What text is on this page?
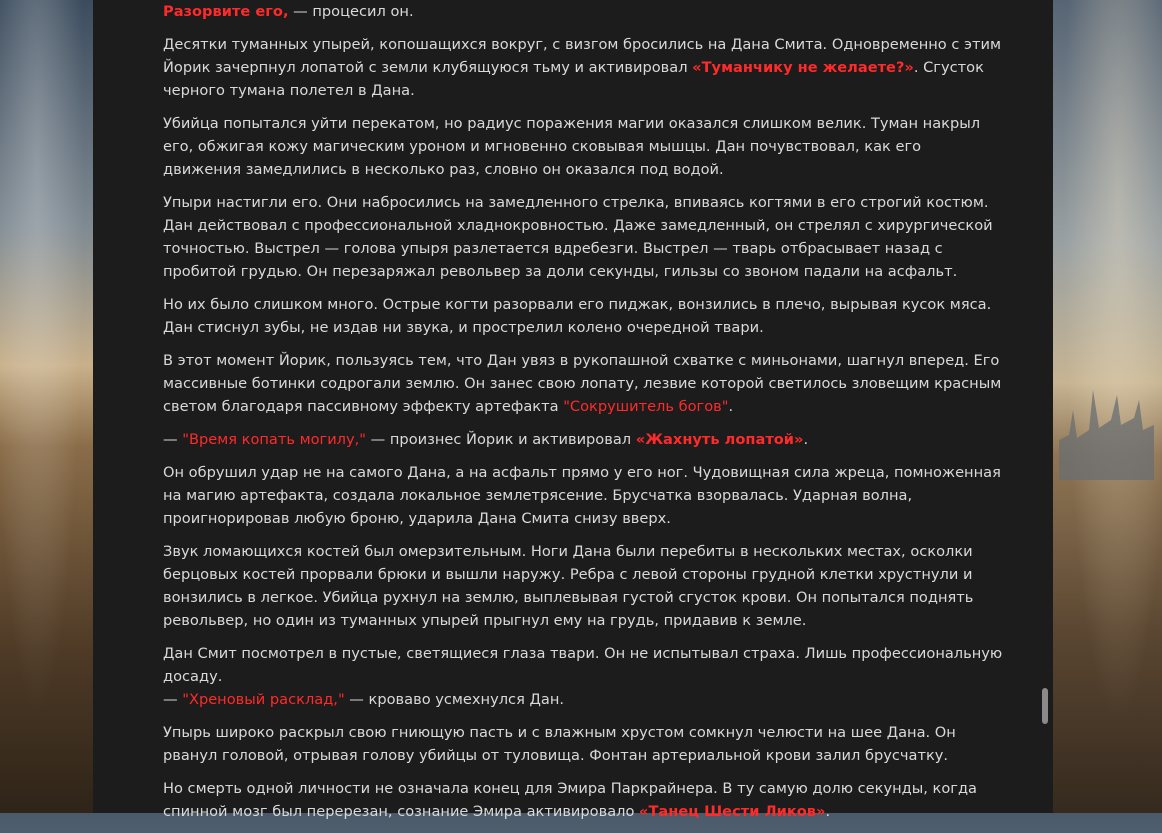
Разорвите его, — процесил он.

Десятки туманных упырей, копошащихся вокруг, с визгом бросились на Дана Смита. Одновременно с этим Йорик зачерпнул лопатой с земли клубящуюся тьму и активировал «Туманчику не желаете?». Сгусток черного тумана полетел в Дана.

Убийца попытался уйти перекатом, но радиус поражения магии оказался слишком велик. Туман накрыл его, обжигая кожу магическим уроном и мгновенно сковывая мышцы. Дан почувствовал, как его движения замедлились в несколько раз, словно он оказался под водой.

Упыри настигли его. Они набросились на замедленного стрелка, впиваясь когтями в его строгий костюм. Дан действовал с профессиональной хладнокровностью. Даже замедленный, он стрелял с хирургической точностью. Выстрел — голова упыря разлетается вдребезги. Выстрел — тварь отбрасывает назад с пробитой грудью. Он перезаряжал револьвер за доли секунды, гильзы со звоном падали на асфальт.

Но их было слишком много. Острые когти разорвали его пиджак, вонзились в плечо, вырывая кусок мяса. Дан стиснул зубы, не издав ни звука, и прострелил колено очередной твари.

В этот момент Йорик, пользуясь тем, что Дан увяз в рукопашной схватке с миньонами, шагнул вперед. Его массивные ботинки содрогали землю. Он занес свою лопату, лезвие которой светилось зловещим красным светом благодаря пассивному эффекту артефакта "Сокрушитель богов".

— "Время копать могилу," — произнес Йорик и активировал «Жахнуть лопатой».

Он обрушил удар не на самого Дана, а на асфальт прямо у его ног. Чудовищная сила жреца, помноженная на магию артефакта, создала локальное землетрясение. Брусчатка взорвалась. Ударная волна, проигнорировав любую броню, ударила Дана Смита снизу вверх.

Звук ломающихся костей был омерзительным. Ноги Дана были перебиты в нескольких местах, осколки берцовых костей прорвали брюки и вышли наружу. Ребра с левой стороны грудной клетки хрустнули и вонзились в легкое. Убийца рухнул на землю, выплевывая густой сгусток крови. Он попытался поднять револьвер, но один из туманных упырей прыгнул ему на грудь, придавив к земле.

Дан Смит посмотрел в пустые, светящиеся глаза твари. Он не испытывал страха. Лишь профессиональную досаду.
— "Хреновый расклад," — кроваво усмехнулся Дан.

Упырь широко раскрыл свою гниющую пасть и с влажным хрустом сомкнул челюсти на шее Дана. Он рванул головой, отрывая голову убийцы от туловища. Фонтан артериальной крови залил брусчатку.

Но смерть одной личности не означала конец для Эмира Паркрайнера. В ту самую долю секунды, когда спинной мозг был перерезан, сознание Эмира активировало «Танец Шести Ликов».
